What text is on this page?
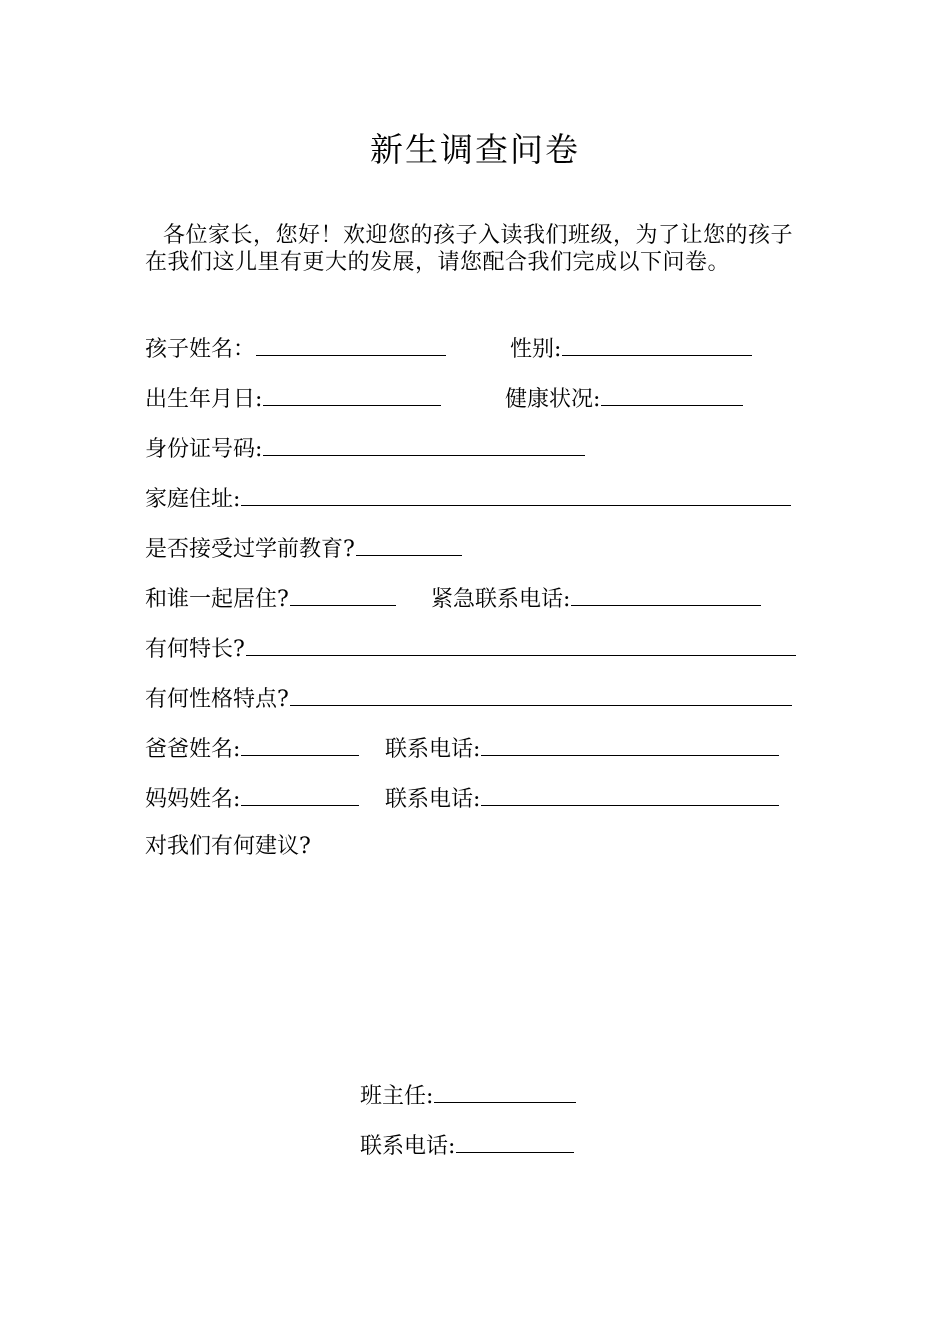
新生调查问卷
各位家长，您好！欢迎您的孩子入读我们班级，为了让您的孩子在我们这儿里有更大的发展，请您配合我们完成以下问卷。
孩子姓名：	性别:
出生年月日:	健康状况:
身份证号码:
家庭住址:
是否接受过学前教育?
和谁一起居住?	紧急联系电话:
有何特长?
有何性格特点?
爸爸姓名:	联系电话:
妈妈姓名:	联系电话:
对我们有何建议?
班主任:
联系电话:
